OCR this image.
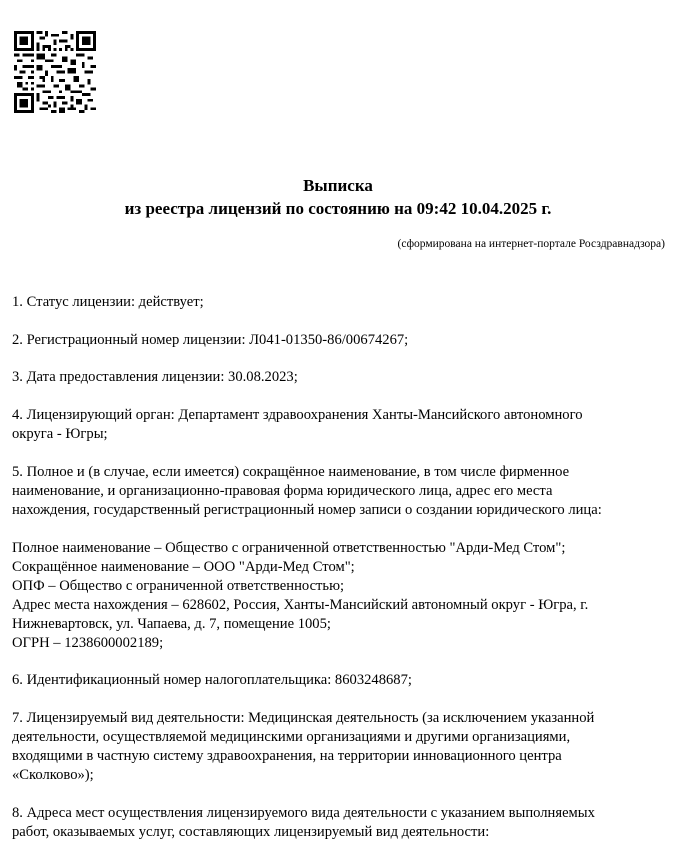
Выписка
из реестра лицензий по состоянию на 09:42 10.04.2025 г.
(сформирована на интернет-портале Росздравнадзора)
1. Статус лицензии: действует;
2. Регистрационный номер лицензии: Л041-01350-86/00674267;
3. Дата предоставления лицензии: 30.08.2023;
4. Лицензирующий орган: Департамент здравоохранения Ханты-Мансийского автономного
округа - Югры;
5. Полное и (в случае, если имеется) сокращённое наименование, в том числе фирменное
наименование, и организационно-правовая форма юридического лица, адрес его места
нахождения, государственный регистрационный номер записи о создании юридического лица:
Полное наименование – Общество с ограниченной ответственностью "Арди-Мед Стом";
Сокращённое наименование – ООО "Арди-Мед Стом";
ОПФ – Общество с ограниченной ответственностью;
Адрес места нахождения – 628602, Россия, Ханты-Мансийский автономный округ - Югра, г.
Нижневартовск, ул. Чапаева, д. 7, помещение 1005;
ОГРН – 1238600002189;
6. Идентификационный номер налогоплательщика: 8603248687;
7. Лицензируемый вид деятельности: Медицинская деятельность (за исключением указанной
деятельности, осуществляемой медицинскими организациями и другими организациями,
входящими в частную систему здравоохранения, на территории инновационного центра
«Сколково»);
8. Адреса мест осуществления лицензируемого вида деятельности с указанием выполняемых
работ, оказываемых услуг, составляющих лицензируемый вид деятельности:
